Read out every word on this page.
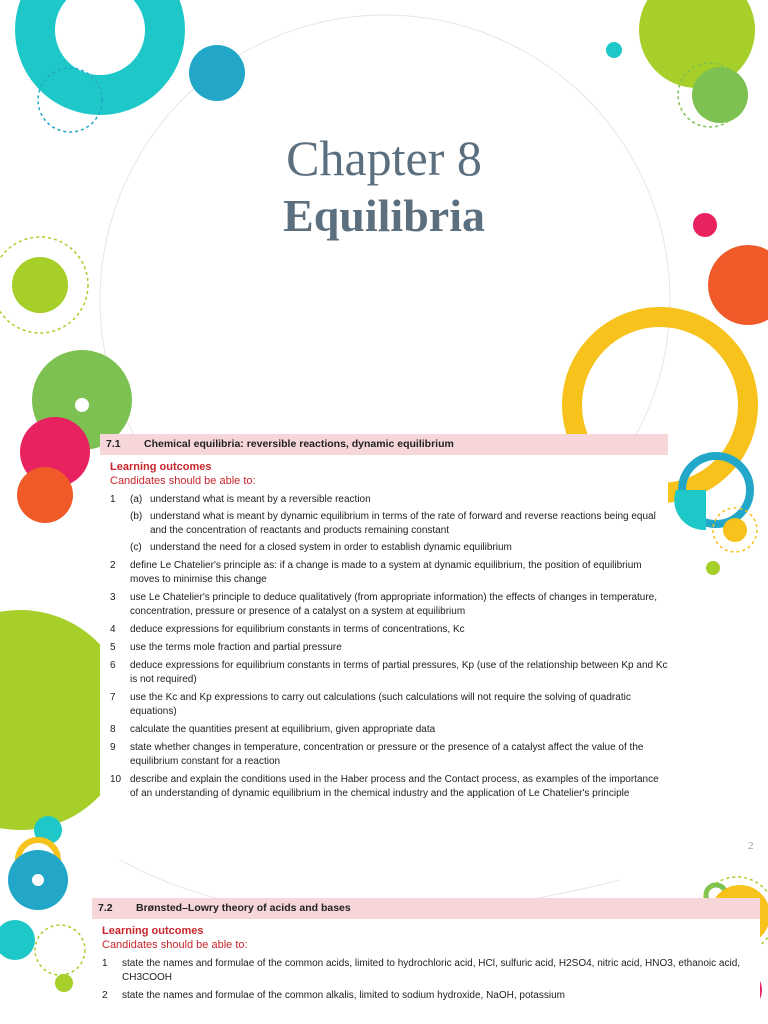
Chapter 8
Equilibria
7.1 Chemical equilibria: reversible reactions, dynamic equilibrium
Learning outcomes
Candidates should be able to:
1 (a) understand what is meant by a reversible reaction
(b) understand what is meant by dynamic equilibrium in terms of the rate of forward and reverse reactions being equal and the concentration of reactants and products remaining constant
(c) understand the need for a closed system in order to establish dynamic equilibrium
2 define Le Chatelier's principle as: if a change is made to a system at dynamic equilibrium, the position of equilibrium moves to minimise this change
3 use Le Chatelier's principle to deduce qualitatively (from appropriate information) the effects of changes in temperature, concentration, pressure or presence of a catalyst on a system at equilibrium
4 deduce expressions for equilibrium constants in terms of concentrations, Kc
5 use the terms mole fraction and partial pressure
6 deduce expressions for equilibrium constants in terms of partial pressures, Kp (use of the relationship between Kp and Kc is not required)
7 use the Kc and Kp expressions to carry out calculations (such calculations will not require the solving of quadratic equations)
8 calculate the quantities present at equilibrium, given appropriate data
9 state whether changes in temperature, concentration or pressure or the presence of a catalyst affect the value of the equilibrium constant for a reaction
10 describe and explain the conditions used in the Haber process and the Contact process, as examples of the importance of an understanding of dynamic equilibrium in the chemical industry and the application of Le Chatelier's principle
2
7.2 Brønsted–Lowry theory of acids and bases
Learning outcomes
Candidates should be able to:
1 state the names and formulae of the common acids, limited to hydrochloric acid, HCl, sulfuric acid, H2SO4, nitric acid, HNO3, ethanoic acid, CH3COOH
2 state the names and formulae of the common alkalis, limited to sodium hydroxide, NaOH, potassium
